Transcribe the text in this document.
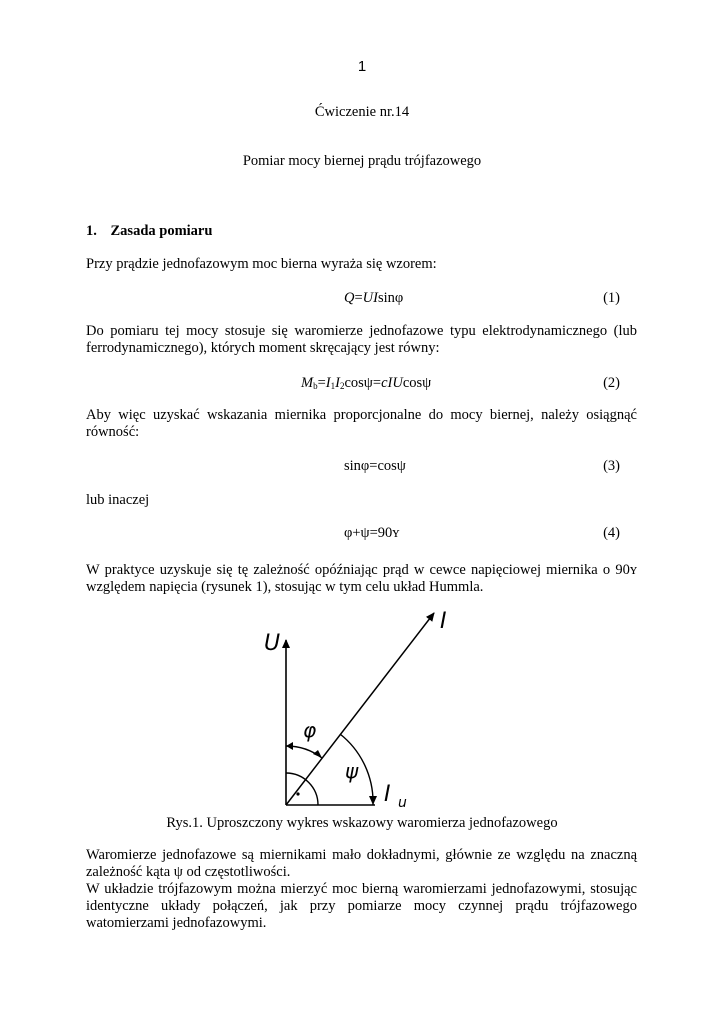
1
Ćwiczenie nr.14
Pomiar mocy biernej prądu trójfazowego
1. Zasada pomiaru
Przy prądzie jednofazowym moc bierna wyraża się wzorem:
Q=UIsinφ	(1)
Do pomiaru tej mocy stosuje się waromierze jednofazowe typu elektrodynamicznego (lub ferrodynamicznego), których moment skręcający jest równy:
$M_b=I_1I_2\cos\psi=cIUcos\psi$	(2)
Aby więc uzyskać wskazania miernika proporcjonalne do mocy biernej, należy osiągnąć równość:
sinφ=cosψ	(3)
lub inaczej
φ+ψ=90ʏ	(4)
W praktyce uzyskuje się tę zależność opóźniając prąd w cewce napięciowej miernika o 90ʏ względem napięcia (rysunek 1), stosując w tym celu układ Hummla.
U
I
φ
ψ
I u
Rys.1. Uproszczony wykres wskazowy waromierza jednofazowego
Waromierze jednofazowe są miernikami mało dokładnymi, głównie ze względu na znaczną zależność kąta ψ od częstotliwości.
W układzie trójfazowym można mierzyć moc bierną waromierzami jednofazowymi, stosując identyczne układy połączeń, jak przy pomiarze mocy czynnej prądu trójfazowego watomierzami jednofazowymi.
